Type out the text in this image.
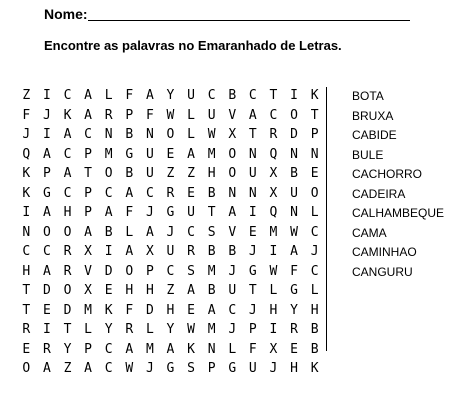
Nome:
Encontre as palavras no Emaranhado de Letras.
Z I C A L F A Y U C B C T I K
F J K A R P F W L U V A C O T
J I A C N B N O L W X T R D P
Q A C P M G U E A M O N Q N N
K P A T O B U Z Z H O U X B E
K G C P C A C R E B N N X U O
I A H P A F J G U T A I Q N L
N O O A B L A J C S V E M W C
C C R X I A X U R B B J I A J
H A R V D O P C S M J G W F C
T D O X E H H Z A B U T L G L
T E D M K F D H E A C J H Y H
R I T L Y R L Y W M J P I R B
E R Y P C A M A K N L F X E B
O A Z A C W J G S P G U J H K
BOTA
BRUXA
CABIDE
BULE
CACHORRO
CADEIRA
CALHAMBEQUE
CAMA
CAMINHAO
CANGURU
